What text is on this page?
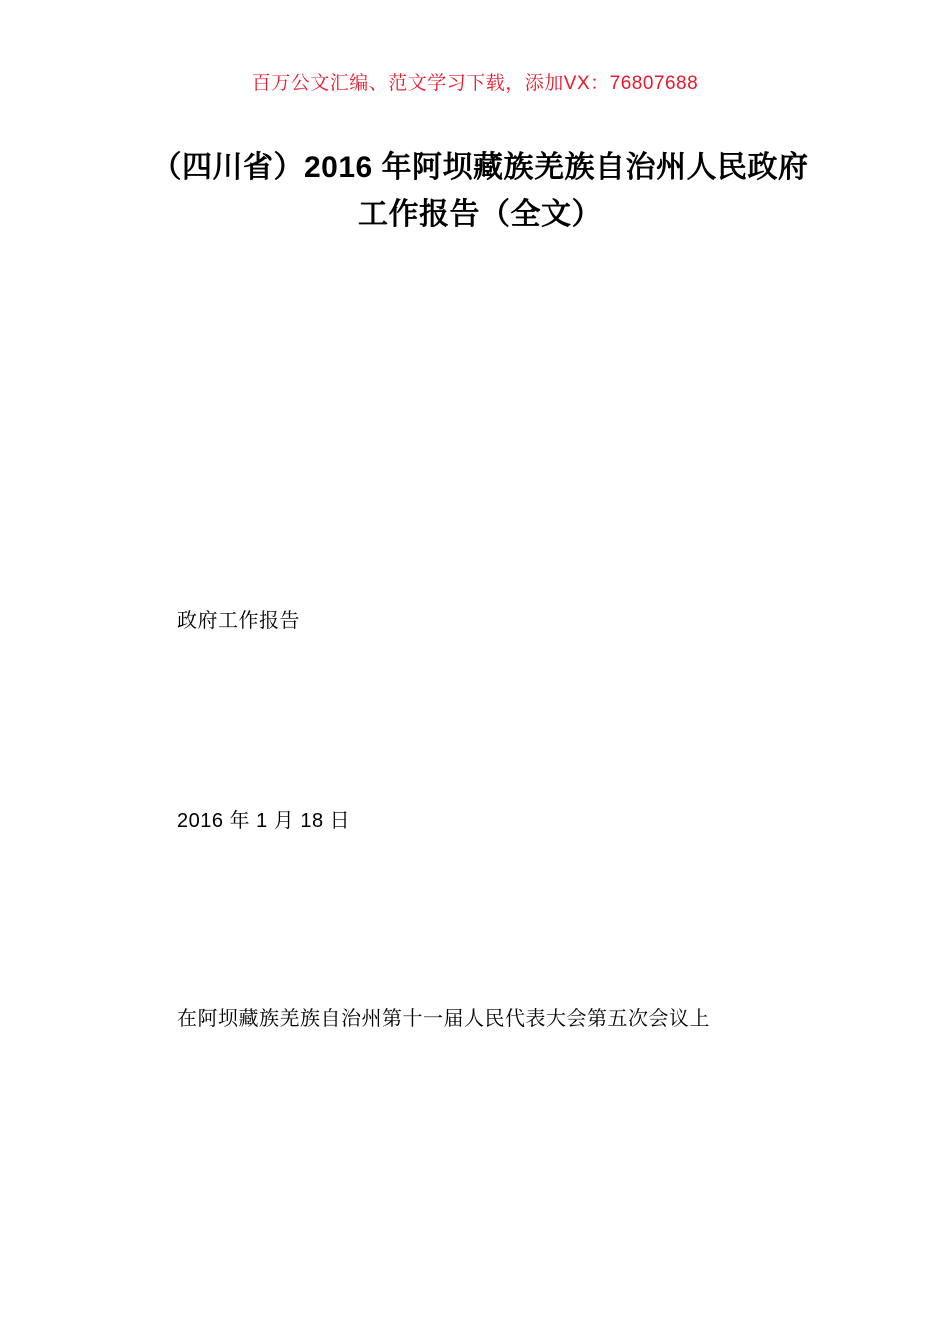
百万公文汇编、范文学习下载，添加VX：76807688
（四川省）2016 年阿坝藏族羌族自治州人民政府工作报告（全文）
政府工作报告
2016 年 1 月 18 日
在阿坝藏族羌族自治州第十一届人民代表大会第五次会议上
